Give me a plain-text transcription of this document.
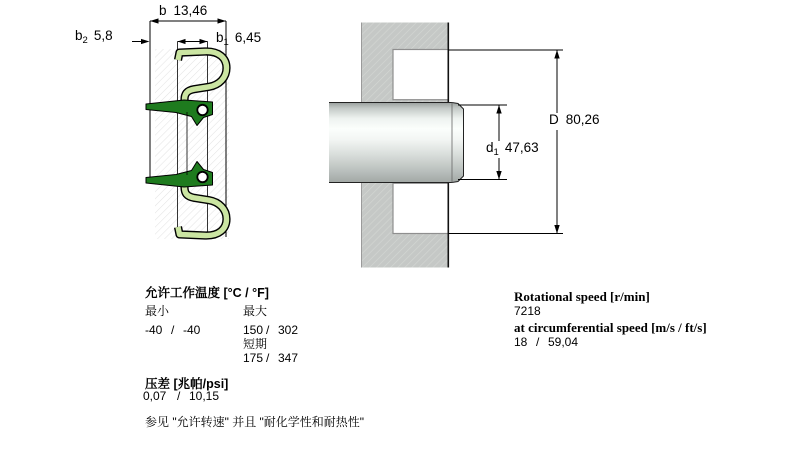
b 13,46
$b_2$ 5,8	$b_1$ 6,45
D 80,26
$d_1$ 47,63
允许工作温度 [°C / °F]
最小	最大
-40 / -40	150 / 302
短期
175 / 347
压差 [兆帕/psi]
0,07 / 10,15
参见 "允许转速" 并且 "耐化学性和耐热性"
Rotational speed [r/min]
7218
at circumferential speed [m/s / ft/s]
18 / 59,04
